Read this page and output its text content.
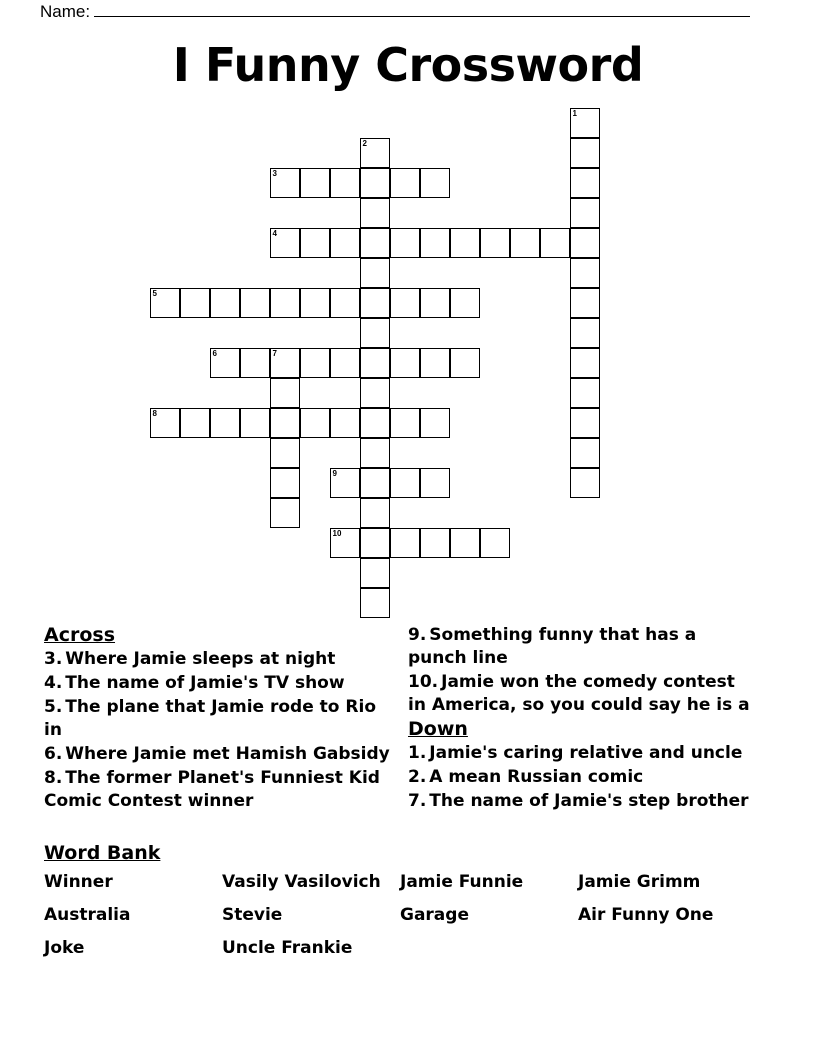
Name:
I Funny Crossword
1
2
3
4
5
6	7
8
9
10
Across
3. Where Jamie sleeps at night
4. The name of Jamie's TV show
5. The plane that Jamie rode to Rio in
6. Where Jamie met Hamish Gabsidy
8. The former Planet's Funniest Kid Comic Contest winner
9. Something funny that has a punch line
10. Jamie won the comedy contest in America, so you could say he is a
Down
1. Jamie's caring relative and uncle
2. A mean Russian comic
7. The name of Jamie's step brother
Word Bank
Winner	Vasily Vasilovich	Jamie Funnie	Jamie Grimm
Australia	Stevie	Garage	Air Funny One
Joke	Uncle Frankie
